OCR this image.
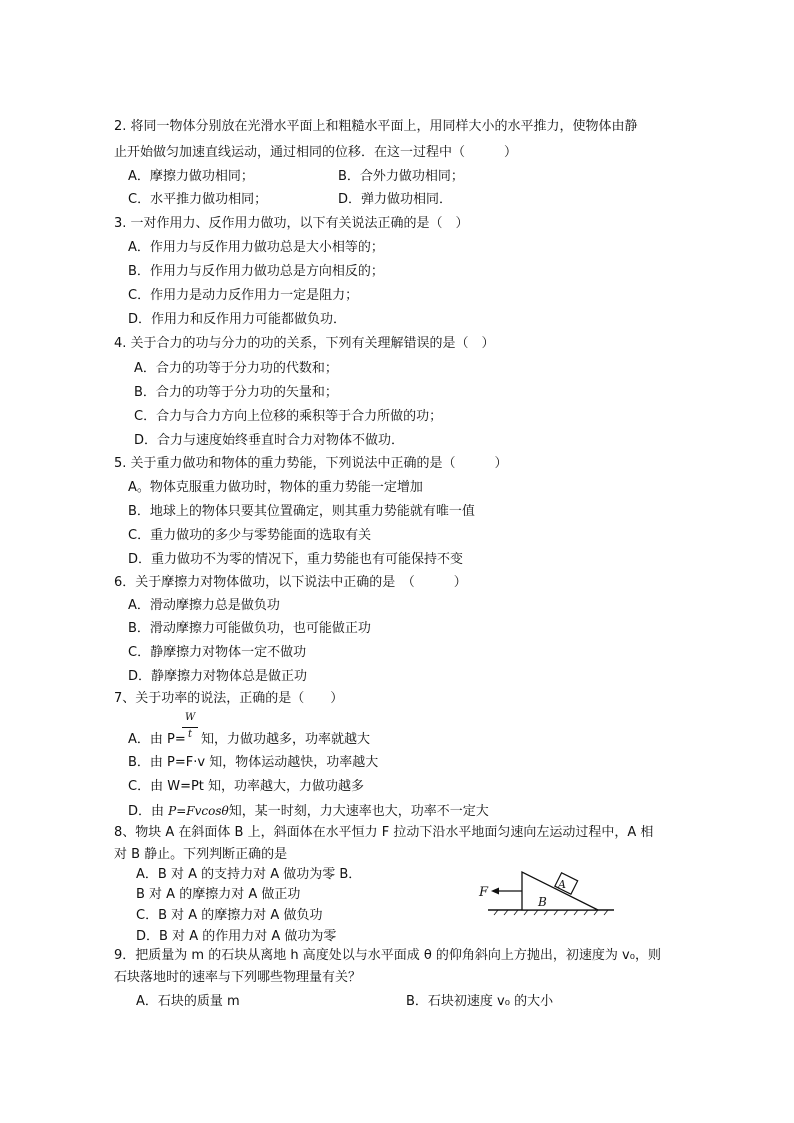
2. 将同一物体分别放在光滑水平面上和粗糙水平面上，用同样大小的水平推力，使物体由静
止开始做匀加速直线运动，通过相同的位移．在这一过程中（　　　）
A．摩擦力做功相同；	B．合外力做功相同；
C．水平推力做功相同；	D．弹力做功相同．
3. 一对作用力、反作用力做功，以下有关说法正确的是（　）
A．作用力与反作用力做功总是大小相等的；
B．作用力与反作用力做功总是方向相反的；
C．作用力是动力反作用力一定是阻力；
D．作用力和反作用力可能都做负功．
4. 关于合力的功与分力的功的关系，下列有关理解错误的是（　）
A．合力的功等于分力功的代数和；
B．合力的功等于分力功的矢量和；
C．合力与合力方向上位移的乘积等于合力所做的功；
D．合力与速度始终垂直时合力对物体不做功．
5. 关于重力做功和物体的重力势能，下列说法中正确的是（　　　）
A。物体克服重力做功时，物体的重力势能一定增加
B．地球上的物体只要其位置确定，则其重力势能就有唯一值
C．重力做功的多少与零势能面的选取有关
D．重力做功不为零的情况下，重力势能也有可能保持不变
6．关于摩擦力对物体做功，以下说法中正确的是　（　　　）
A．滑动摩擦力总是做负功
B．滑动摩擦力可能做负功，也可能做正功
C．静摩擦力对物体一定不做功
D．静摩擦力对物体总是做正功
7、关于功率的说法，正确的是（　　）
W
t
A．由 P= 知，力做功越多，功率就越大
B．由 P=F·v 知，物体运动越快，功率越大
C．由 W=Pt 知，功率越大，力做功越多
D．由 P=Fvcosθ知，某一时刻，力大速率也大，功率不一定大
8、物块 A 在斜面体 B 上，斜面体在水平恒力 F 拉动下沿水平地面匀速向左运动过程中，A 相
对 B 静止。下列判断正确的是
A．B 对 A 的支持力对 A 做功为零 B．
B 对 A 的摩擦力对 A 做正功
C．B 对 A 的摩擦力对 A 做负功
D．B 对 A 的作用力对 A 做功为零
F
A
B
9．把质量为 m 的石块从离地 h 高度处以与水平面成 θ 的仰角斜向上方抛出，初速度为 v₀，则
石块落地时的速率与下列哪些物理量有关？
A．石块的质量 m	B．石块初速度 v₀ 的大小
